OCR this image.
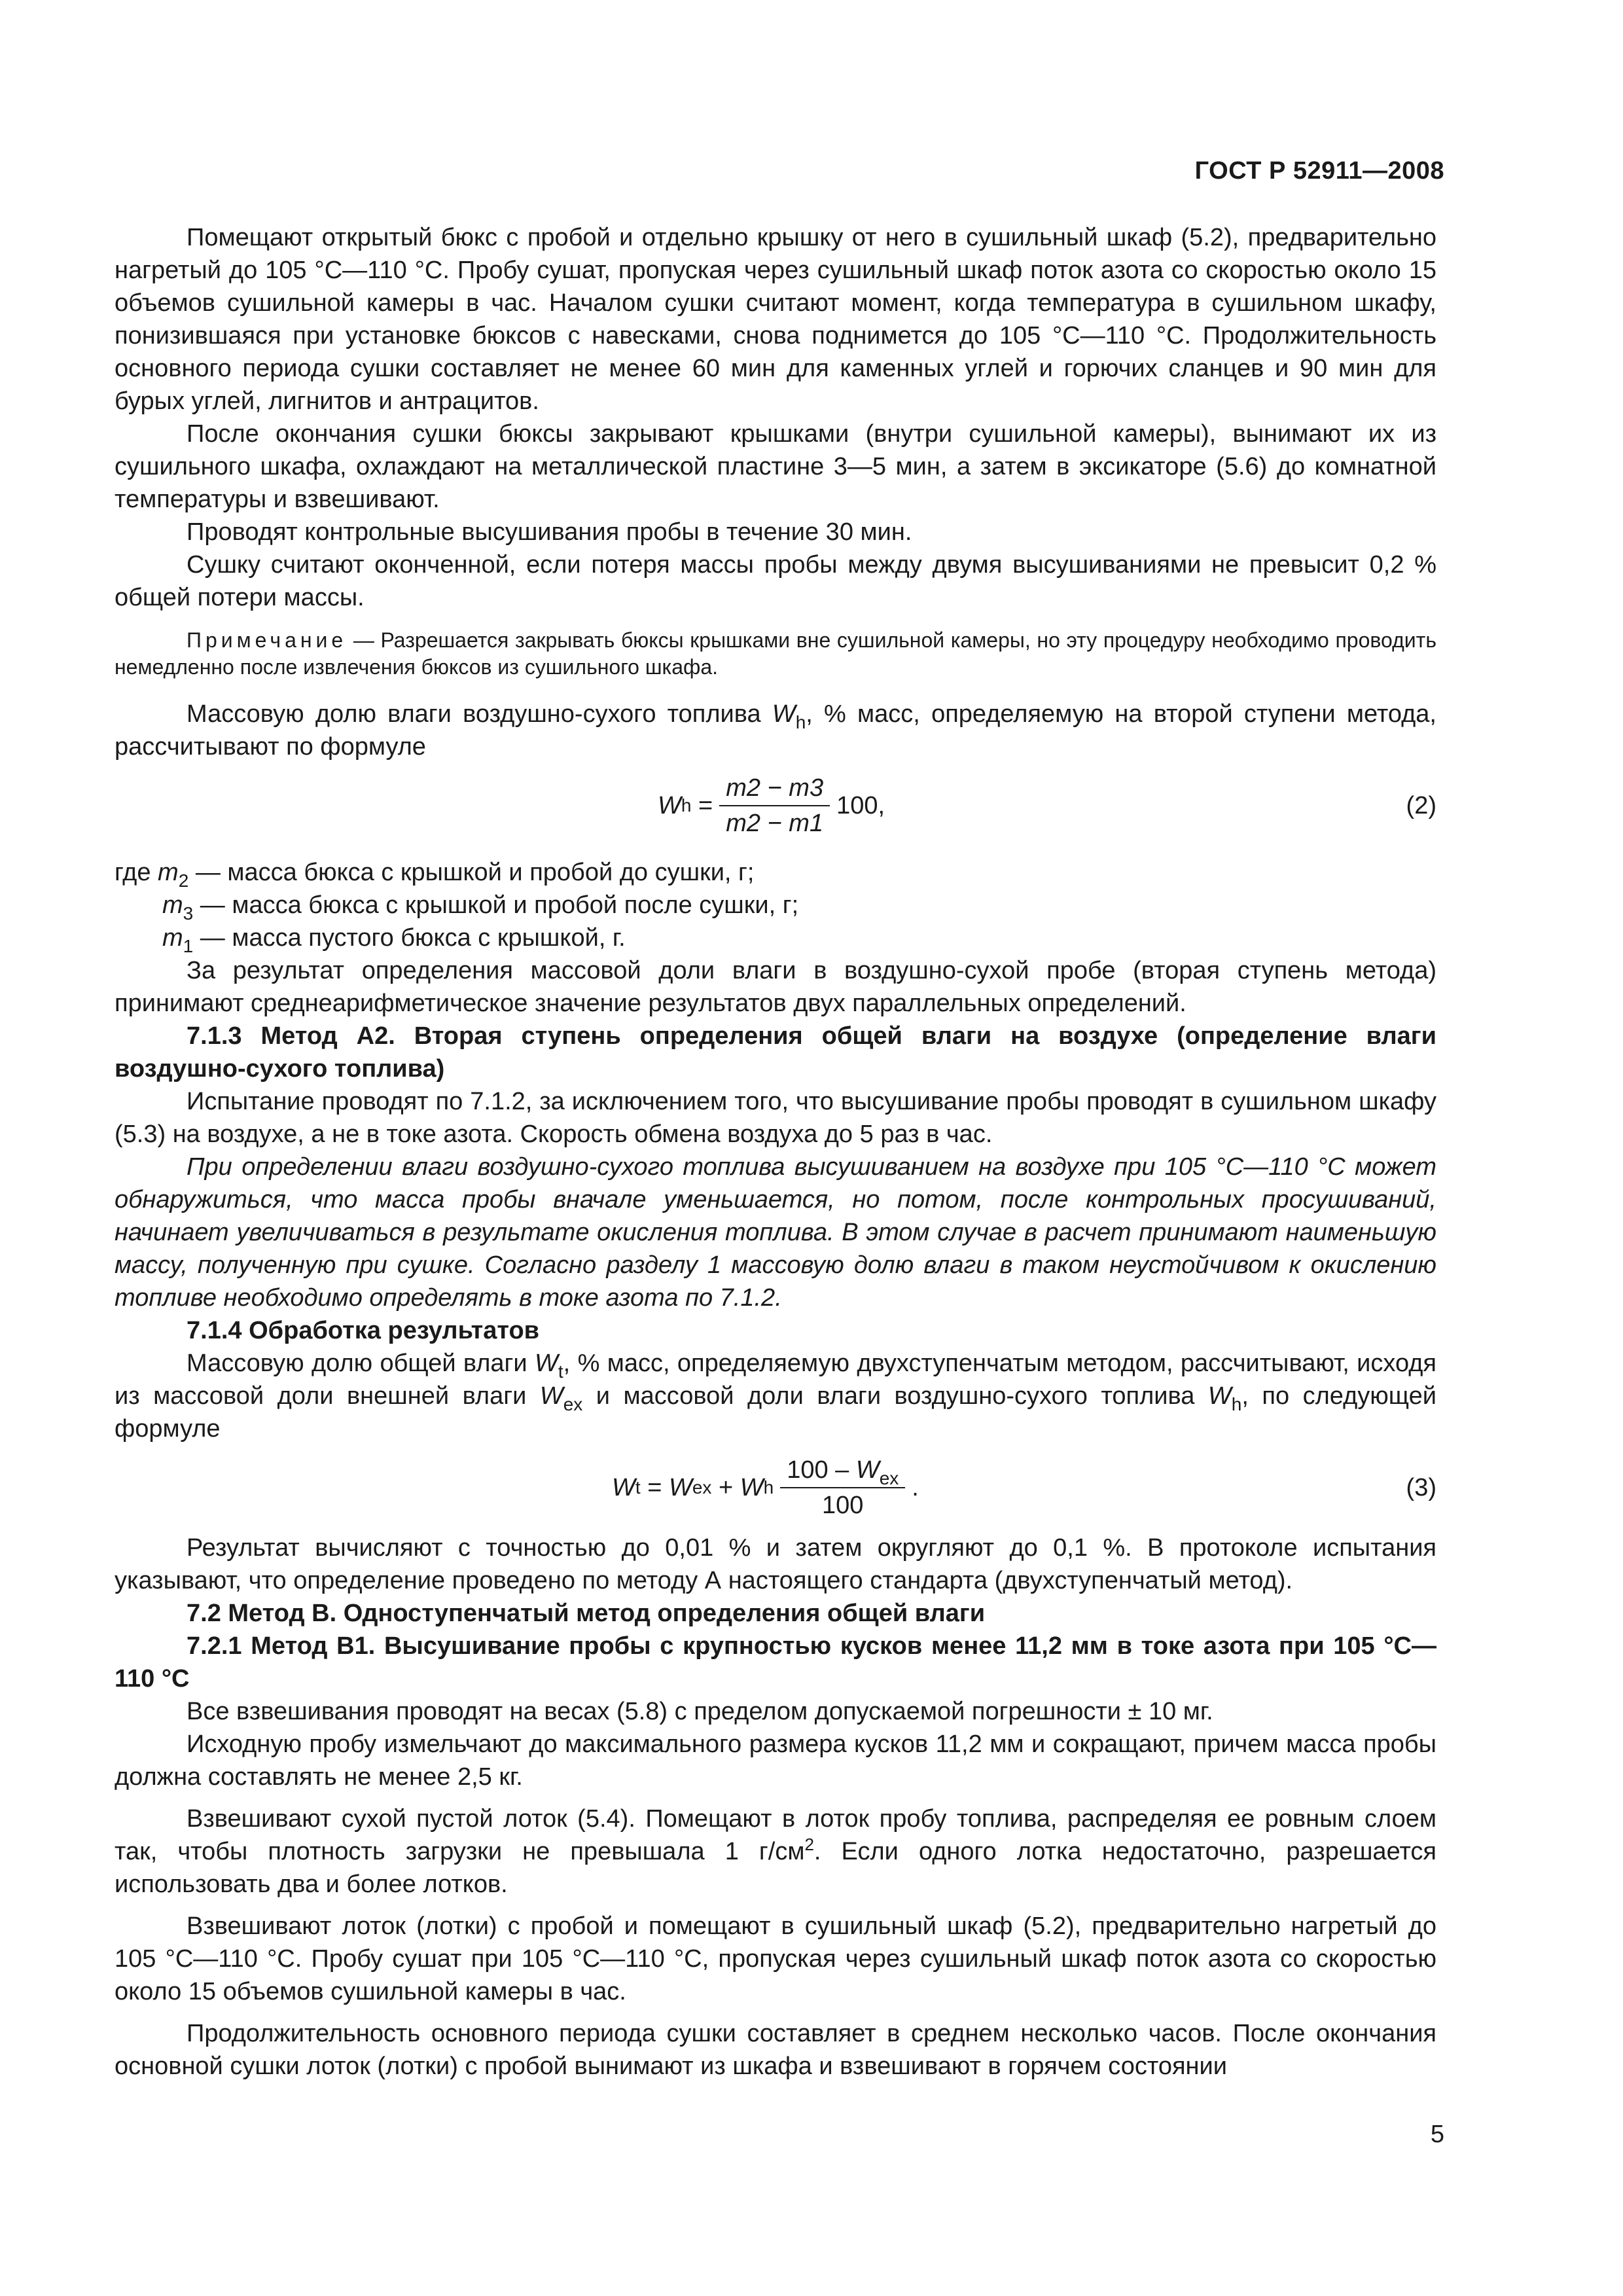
ГОСТ Р 52911—2008

Помещают открытый бюкс с пробой и отдельно крышку от него в сушильный шкаф (5.2), предварительно нагретый до 105 °С—110 °С. Пробу сушат, пропуская через сушильный шкаф поток азота со скоростью около 15 объемов сушильной камеры в час. Началом сушки считают момент, когда температура в сушильном шкафу, понизившаяся при установке бюксов с навесками, снова поднимется до 105 °С—110 °С. Продолжительность основного периода сушки составляет не менее 60 мин для каменных углей и горючих сланцев и 90 мин для бурых углей, лигнитов и антрацитов.

После окончания сушки бюксы закрывают крышками (внутри сушильной камеры), вынимают их из сушильного шкафа, охлаждают на металлической пластине 3—5 мин, а затем в эксикаторе (5.6) до комнатной температуры и взвешивают.

Проводят контрольные высушивания пробы в течение 30 мин.

Сушку считают оконченной, если потеря массы пробы между двумя высушиваниями не превысит 0,2 % общей потери массы.

Примечание — Разрешается закрывать бюксы крышками вне сушильной камеры, но эту процедуру необходимо проводить немедленно после извлечения бюксов из сушильного шкафа.

Массовую долю влаги воздушно-сухого топлива $W_h$, % масс, определяемую на второй ступени метода, рассчитывают по формуле

W $h = \frac{m2 - m3}{m2 - m1} 100$,	(2)

где $m_2$ — масса бюкса с крышкой и пробой до сушки, г;

$m_3$ — масса бюкса с крышкой и пробой после сушки, г;

$m_1$ — масса пустого бюкса с крышкой, г.

За результат определения массовой доли влаги в воздушно-сухой пробе (вторая ступень метода) принимают среднеарифметическое значение результатов двух параллельных определений.

7.1.3 Метод А2. Вторая ступень определения общей влаги на воздухе (определение влаги воздушно-сухого топлива)

Испытание проводят по 7.1.2, за исключением того, что высушивание пробы проводят в сушильном шкафу (5.3) на воздухе, а не в токе азота. Скорость обмена воздуха до 5 раз в час.

При определении влаги воздушно-сухого топлива высушиванием на воздухе при 105 °С—110 °С может обнаружиться, что масса пробы вначале уменьшается, но потом, после контрольных просушиваний, начинает увеличиваться в результате окисления топлива. В этом случае в расчет принимают наименьшую массу, полученную при сушке. Согласно разделу 1 массовую долю влаги в таком неустойчивом к окислению топливе необходимо определять в токе азота по 7.1.2.

7.1.4 Обработка результатов

Массовую долю общей влаги $W_t$, % масс, определяемую двухступенчатым методом, рассчитывают, исходя из массовой доли внешней влаги $W_{ex}$ и массовой доли влаги воздушно-сухого топлива $W_h$, по следующей формуле

W t = W ex + W h $\frac{100 - W_{ex}}{100}$ .	(3)

Результат вычисляют с точностью до 0,01 % и затем округляют до 0,1 %. В протоколе испытания указывают, что определение проведено по методу А настоящего стандарта (двухступенчатый метод).

7.2 Метод В. Одноступенчатый метод определения общей влаги

7.2.1 Метод В1. Высушивание пробы с крупностью кусков менее 11,2 мм в токе азота при 105 °С—110 °С

Все взвешивания проводят на весах (5.8) с пределом допускаемой погрешности ± 10 мг.

Исходную пробу измельчают до максимального размера кусков 11,2 мм и сокращают, причем масса пробы должна составлять не менее 2,5 кг.

Взвешивают сухой пустой лоток (5.4). Помещают в лоток пробу топлива, распределяя ее ровным слоем так, чтобы плотность загрузки не превышала 1 $г/см^2$. Если одного лотка недостаточно, разрешается использовать два и более лотков.

Взвешивают лоток (лотки) с пробой и помещают в сушильный шкаф (5.2), предварительно нагретый до 105 °С—110 °С. Пробу сушат при 105 °С—110 °С, пропуская через сушильный шкаф поток азота со скоростью около 15 объемов сушильной камеры в час.

Продолжительность основного периода сушки составляет в среднем несколько часов. После окончания основной сушки лоток (лотки) с пробой вынимают из шкафа и взвешивают в горячем состоянии

5
